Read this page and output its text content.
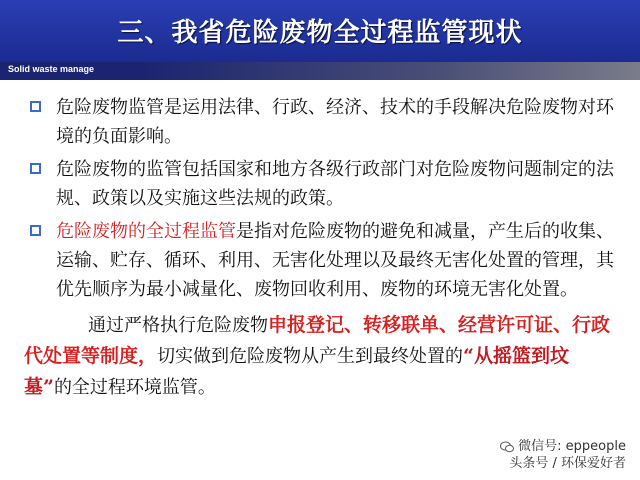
三、我省危险废物全过程监管现状
Solid waste manage
危险废物监管是运用法律、行政、经济、技术的手段解决危险废物对环境的负面影响。
危险废物的监管包括国家和地方各级行政部门对危险废物问题制定的法规、政策以及实施这些法规的政策。
危险废物的全过程监管是指对危险废物的避免和减量，产生后的收集、运输、贮存、循环、利用、无害化处理以及最终无害化处置的管理，其优先顺序为最小减量化、废物回收利用、废物的环境无害化处置。
通过严格执行危险废物申报登记、转移联单、经营许可证、行政代处置等制度，切实做到危险废物从产生到最终处置的“从摇篮到坟墓”的全过程环境监管。
微信号: eppeople
头条号 / 环保爱好者
